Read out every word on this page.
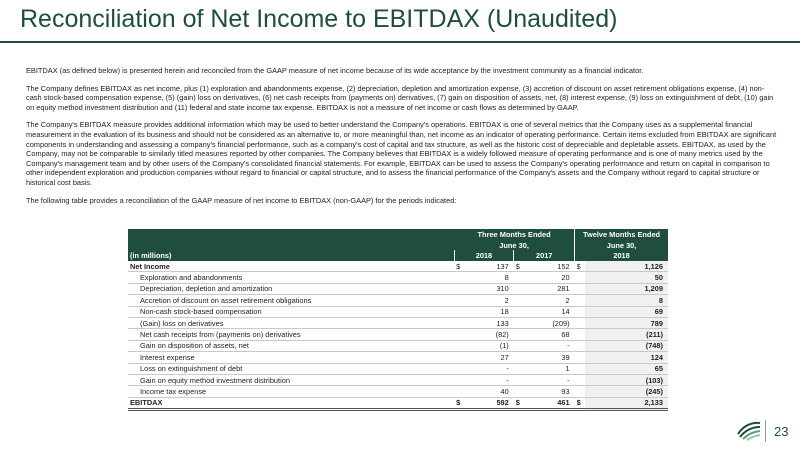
Reconciliation of Net Income to EBITDAX (Unaudited)

EBITDAX (as defined below) is presented herein and reconciled from the GAAP measure of net income because of its wide acceptance by the investment community as a financial indicator.

The Company defines EBITDAX as net income, plus (1) exploration and abandonments expense, (2) depreciation, depletion and amortization expense, (3) accretion of discount on asset retirement obligations expense, (4) non-cash stock-based compensation expense, (5) (gain) loss on derivatives, (6) net cash receipts from (payments on) derivatives, (7) gain on disposition of assets, net, (8) interest expense, (9) loss on extinguishment of debt, (10) gain on equity method investment distribution and (11) federal and state income tax expense. EBITDAX is not a measure of net income or cash flows as determined by GAAP.

The Company's EBITDAX measure provides additional information which may be used to better understand the Company's operations. EBITDAX is one of several metrics that the Company uses as a supplemental financial measurement in the evaluation of its business and should not be considered as an alternative to, or more meaningful than, net income as an indicator of operating performance. Certain items excluded from EBITDAX are significant components in understanding and assessing a company's financial performance, such as a company's cost of capital and tax structure, as well as the historic cost of depreciable and depletable assets. EBITDAX, as used by the Company, may not be comparable to similarly titled measures reported by other companies. The Company believes that EBITDAX is a widely followed measure of operating performance and is one of many metrics used by the Company's management team and by other users of the Company's consolidated financial statements. For example, EBITDAX can be used to assess the Company's operating performance and return on capital in comparison to other independent exploration and production companies without regard to financial or capital structure, and to assess the financial performance of the Company's assets and the Company without regard to capital structure or historical cost basis.

The following table provides a reconciliation of the GAAP measure of net income to EBITDAX (non-GAAP) for the periods indicated:

	Three Months Ended				Twelve Months Ended	
	June 30,				June 30,	
(in millions)	2018		2017		2018	
Net Income	$	137	$	152	$	1,126
Exploration and abandonments		8		20		50
Depreciation, depletion and amortization		310		281		1,209
Accretion of discount on asset retirement obligations		2		2		8
Non-cash stock-based compensation		18		14		69
(Gain) loss on derivatives		133		(209)		789
Net cash receipts from (payments on) derivatives		(82)		68		(211)
Gain on disposition of assets, net		(1)		-		(748)
Interest expense		27		39		124
Loss on extinguishment of debt		-		1		65
Gain on equity method investment distribution		-		-		(103)
Income tax expense		40		93		(245)
EBITDAX	$	592	$	461	$	2,133
23
